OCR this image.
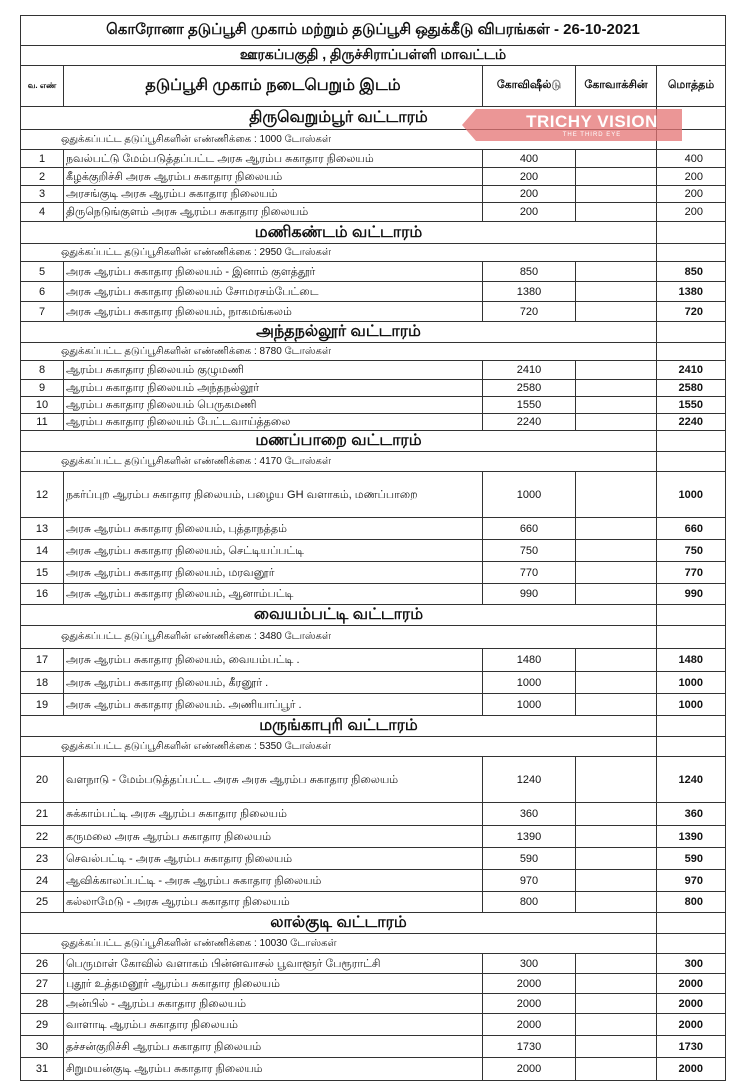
கொரோனா தடுப்பூசி முகாம் மற்றும் தடுப்பூசி ஒதுக்கீடு விபரங்கள் - 26-10-2021				
ஊரகப்பகுதி , திருச்சிராப்பள்ளி மாவட்டம்				
வ. எண்	தடுப்பூசி முகாம் நடைபெறும் இடம்	கோவிஷீல்டு	கோவாக்சின்	மொத்தம்
திருவெறும்பூர் வட்டாரம்				
ஒதுக்கப்பட்ட தடுப்பூசிகளின் எண்ணிக்கை : 1000 டோஸ்கள்				
1	நவல்பட்டு மேம்படுத்தப்பட்ட அரசு ஆரம்ப சுகாதார நிலையம்	400		400
2	கீழக்குறிச்சி அரசு ஆரம்ப சுகாதார நிலையம்	200		200
3	அரசங்குடி அரசு ஆரம்ப சுகாதார நிலையம்	200		200
4	திருநெடுங்குளம் அரசு ஆரம்ப சுகாதார நிலையம்	200		200
மணிகண்டம் வட்டாரம்				
ஒதுக்கப்பட்ட தடுப்பூசிகளின் எண்ணிக்கை : 2950 டோஸ்கள்				
5	அரசு ஆரம்ப சுகாதார நிலையம் - இனாம் குளத்தூர்	850		850
6	அரசு ஆரம்ப சுகாதார நிலையம் சோமரசம்பேட்டை	1380		1380
7	அரசு ஆரம்ப சுகாதார நிலையம், நாகமங்கலம்	720		720
அந்தநல்லூர் வட்டாரம்				
ஒதுக்கப்பட்ட தடுப்பூசிகளின் எண்ணிக்கை : 8780 டோஸ்கள்				
8	ஆரம்ப சுகாதார நிலையம் குழுமணி	2410		2410
9	ஆரம்ப சுகாதார நிலையம் அந்தநல்லூர்	2580		2580
10	ஆரம்ப சுகாதார நிலையம் பெருகமணி	1550		1550
11	ஆரம்ப சுகாதார நிலையம் பேட்டவாய்த்தலை	2240		2240
மணப்பாறை வட்டாரம்				
ஒதுக்கப்பட்ட தடுப்பூசிகளின் எண்ணிக்கை : 4170 டோஸ்கள்				
12	நகர்ப்புற ஆரம்ப சுகாதார நிலையம், பழைய GH வளாகம், மணப்பாறை	1000		1000
13	அரசு ஆரம்ப சுகாதார நிலையம், புத்தாநத்தம்	660		660
14	அரசு ஆரம்ப சுகாதார நிலையம், செட்டியப்பட்டி	750		750
15	அரசு ஆரம்ப சுகாதார நிலையம், மரவனூர்	770		770
16	அரசு ஆரம்ப சுகாதார நிலையம், ஆனாம்பட்டி	990		990
வையம்பட்டி வட்டாரம்				
ஒதுக்கப்பட்ட தடுப்பூசிகளின் எண்ணிக்கை : 3480 டோஸ்கள்				
17	அரசு ஆரம்ப சுகாதார நிலையம், வையம்பட்டி .	1480		1480
18	அரசு ஆரம்ப சுகாதார நிலையம், கீரனூர் .	1000		1000
19	அரசு ஆரம்ப சுகாதார நிலையம். அணியாப்பூர் .	1000		1000
மருங்காபுரி வட்டாரம்				
ஒதுக்கப்பட்ட தடுப்பூசிகளின் எண்ணிக்கை : 5350 டோஸ்கள்				
20	வளநாடு - மேம்படுத்தப்பட்ட அரசு அரசு ஆரம்ப சுகாதார நிலையம்	1240		1240
21	சுக்காம்பட்டி அரசு ஆரம்ப சுகாதார நிலையம்	360		360
22	கருமலை அரசு ஆரம்ப சுகாதார நிலையம்	1390		1390
23	செவல்பட்டி - அரசு ஆரம்ப சுகாதார நிலையம்	590		590
24	ஆவிக்காலப்பட்டி - அரசு ஆரம்ப சுகாதார நிலையம்	970		970
25	கல்லாமேடு - அரசு ஆரம்ப சுகாதார நிலையம்	800		800
லால்குடி வட்டாரம்				
ஒதுக்கப்பட்ட தடுப்பூசிகளின் எண்ணிக்கை : 10030 டோஸ்கள்				
26	பெருமாள் கோவில் வளாகம் பின்னவாசல் பூவாளூர் பேரூராட்சி	300		300
27	புதூர் உத்தமனூர் ஆரம்ப சுகாதார நிலையம்	2000		2000
28	அன்பில் - ஆரம்ப சுகாதார நிலையம்	2000		2000
29	வாளாடி ஆரம்ப சுகாதார நிலையம்	2000		2000
30	தச்சன்குறிச்சி ஆரம்ப சுகாதார நிலையம்	1730		1730
31	சிறுமயன்குடி ஆரம்ப சுகாதார நிலையம்	2000		2000
TRICHY VISION
THE THIRD EYE
